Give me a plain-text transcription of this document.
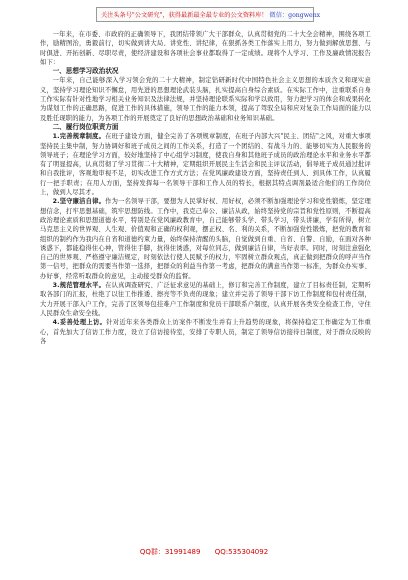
关注头条号"公文研究"，获得最新最全最专业的公文资料库！ 微信：gongwenx

一年来，在市委、市政府的正确领导下，我团结带领广大干部群众，认真贯彻党的二十大全会精神，围绕各项工作，励精图治，勇毅前行，切实做到讲大局、讲党性、讲纪律，在狠抓各类工作落实上用力，努力做到解放思想、与时俱进、开拓创新、尽职尽责，使经济建设和各项社会事业都取得了一定成绩。现将个人学习、工作及廉政情况报告如下：

一、思想学习政治状况

一年来，自己能够深入学习领会党的二十大精神，制定钻研新时代中国特色社会主义思想的本质含义和现实意义，坚持学习理论知识不懈怠，用先进的思想理论武装头脑，扎实提高自身综合素质。在实际工作中，注重联系自身工作实际有针对性地学习相关业务知识及法律法规，并坚持理论联系实际和学以致用，努力把学习的体会和成果转化为谋划工作的正确思路，促进工作的具体措施，领导工作的能力本领，提高了驾驭全局和应对复杂工作局面的能力以及胜任现职的能力，为各项工作的开展奠定了良好的思想政治基础和业务知识基础。

二、履行岗位职责方面

1.完善规章制度。在班子建设方面，健全完善了各项规章制度，在班子内部大兴"民主、团结"之风，对重大事项坚持民主集中制，努力协调好和班子成员之间的工作关系，打造了一个团结的、有战斗力的、能够切实为人民服务的领导班子；在理论学习方面，较好地坚持了中心组学习制度，使我自身和其他班子成员的政治理论水平和业务水平都有了明显提高，认真贯彻了学习贯彻二十大精神，定期组织开展民主生活会和民主评议活动，倡导班子成员通过批评和自我批评，客观地审视不足，切实改进工作方式方法；在党风廉政建设方面，坚持责任到人、到具体工作，认真履行一把手职责；在用人方面，坚持发挥每一名领导干部和工作人员的特长，根据其特点调剂最适合他们的工作岗位上，做到人尽其才。

2.坚守廉洁自律。作为一名领导干部，要想为人民掌好权、用好权，必须不断加强理论学习和党性锻炼，坚定理想信念，打牢思想基础，筑牢思想防线。工作中，我克己奉公、廉洁从政，始终坚持党的宗旨和党性原则，不断提高政治理论素质和思想道德水平，特别是在党风廉政教育中，自己能够带头学、带头学习，带头讲廉，学有所得，树立马克思主义的世界观、人生观、价值观和正确的权利观，摆正权、名、利的关系，不断加强党性锻炼，把党的教育和组织的制约作为我内在自省和道德约束力量，始终保持清醒的头脑，自觉做到自重、自省、自警、自励，在面对各种诱惑下，都能稳得住心神，管得住手脚，抗得住诱惑，对每位同志，做到廉洁自律，当好表率。同时，时刻注意强化自己的世界观、严格遵守廉洁规定，时刻依法行使人民赋予的权力，牢固树立群众观点，真正做到把群众的呼声当作第一信号，把群众的需要当作第一选择，把群众的利益当作第一考虑，把群众的满意当作第一标准，为群众办实事、办好事，经常听取群众的意见，主动接受群众的监督。

3.规范管理水平。在认真调查研究、广泛征求意见的基础上，修订和完善工作制度，建立了目标责任制，定期听取各部门的汇报，杜绝了以往工作推诿、擦亮等不负责的现象；建立并完善了领导干部下访工作制度和包村责任制，大力开展干部入户工作，完善了区领导包挂难户工作制度和党员干部联系户制度，认真开展各类安全检查工作，守住人民群众生命安全线。

4.妥善处理上访。针对近年来各类群众上访案件不断发生并有上升趋势的现象，将保持稳定工作确定为工作重心，首先加大了信访工作力度，设立了信访接待室，安排了专职人员，制定了领导信访接待日制度，对于群众反映的各

QQ群：31991489 QQ:535304092
